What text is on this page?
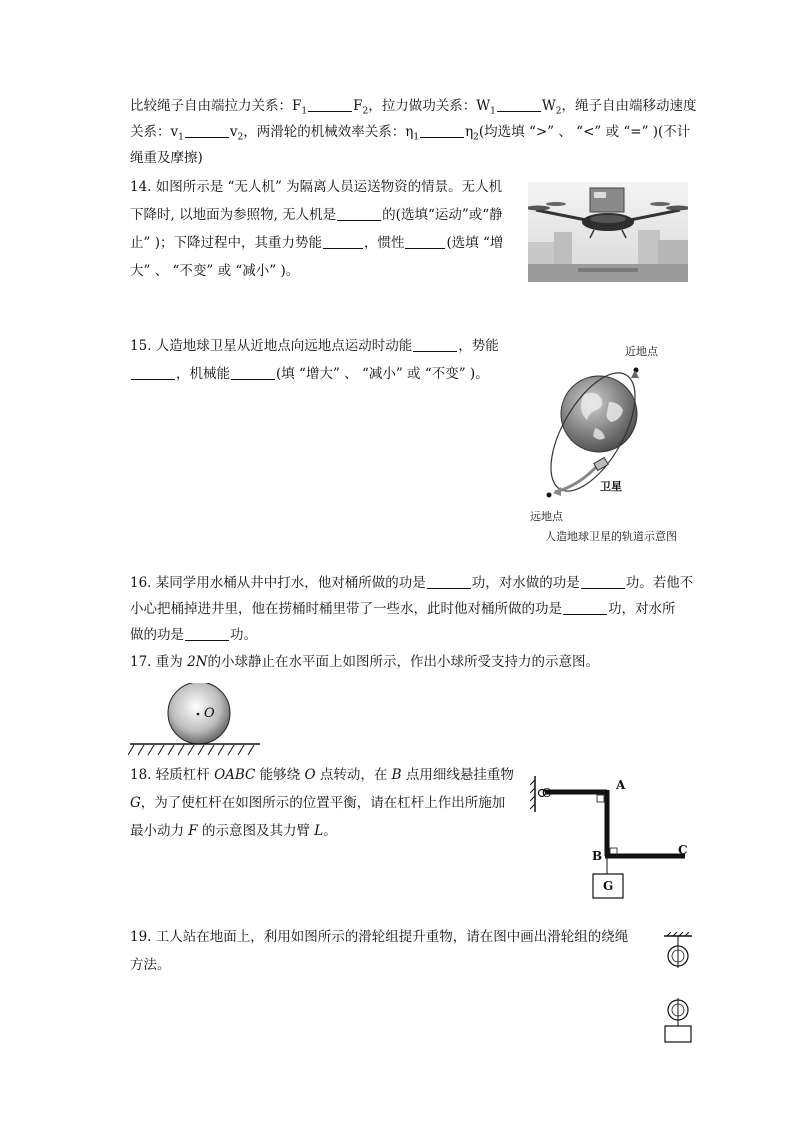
比较绳子自由端拉力关系：$F_1$	$F_2$，拉力做功关系：$W_1$	$W_2$，绳子自由端移动速度
关系：$v_1$	$v_2$，两滑轮的机械效率关系：$\eta_1$	$\eta_2$(均选填 “>” 、 “<” 或 “=” )(不计
绳重及摩擦)
14. 如图所示是 “无人机” 为隔离人员运送物资的情景。无人机
下降时, 以地面为参照物, 无人机是	的(选填“运动”或“静
止” )；下降过程中，其重力势能	，惯性	(选填 “增
大” 、 “不变” 或 “减小” )。
15. 人造地球卫星从近地点向远地点运动时动能	，势能
，机械能	(填 “增大” 、 “减小” 或 “不变” )。
近地点
远地点
卫星
人造地球卫星的轨道示意图
16. 某同学用水桶从井中打水，他对桶所做的功是	功，对水做的功是	功。若他不
小心把桶掉进井里，他在捞桶时桶里带了一些水，此时他对桶所做的功是	功，对水所
做的功是	功。
17. 重为 2N的小球静止在水平面上如图所示，作出小球所受支持力的示意图。
O
18. 轻质杠杆 OABC 能够绕 O 点转动，在 B 点用细线悬挂重物
G，为了使杠杆在如图所示的位置平衡，请在杠杆上作出所施加
最小动力 F 的示意图及其力臂 L。
O
A
B	C
G
19. 工人站在地面上，利用如图所示的滑轮组提升重物，请在图中画出滑轮组的绕绳
方法。
